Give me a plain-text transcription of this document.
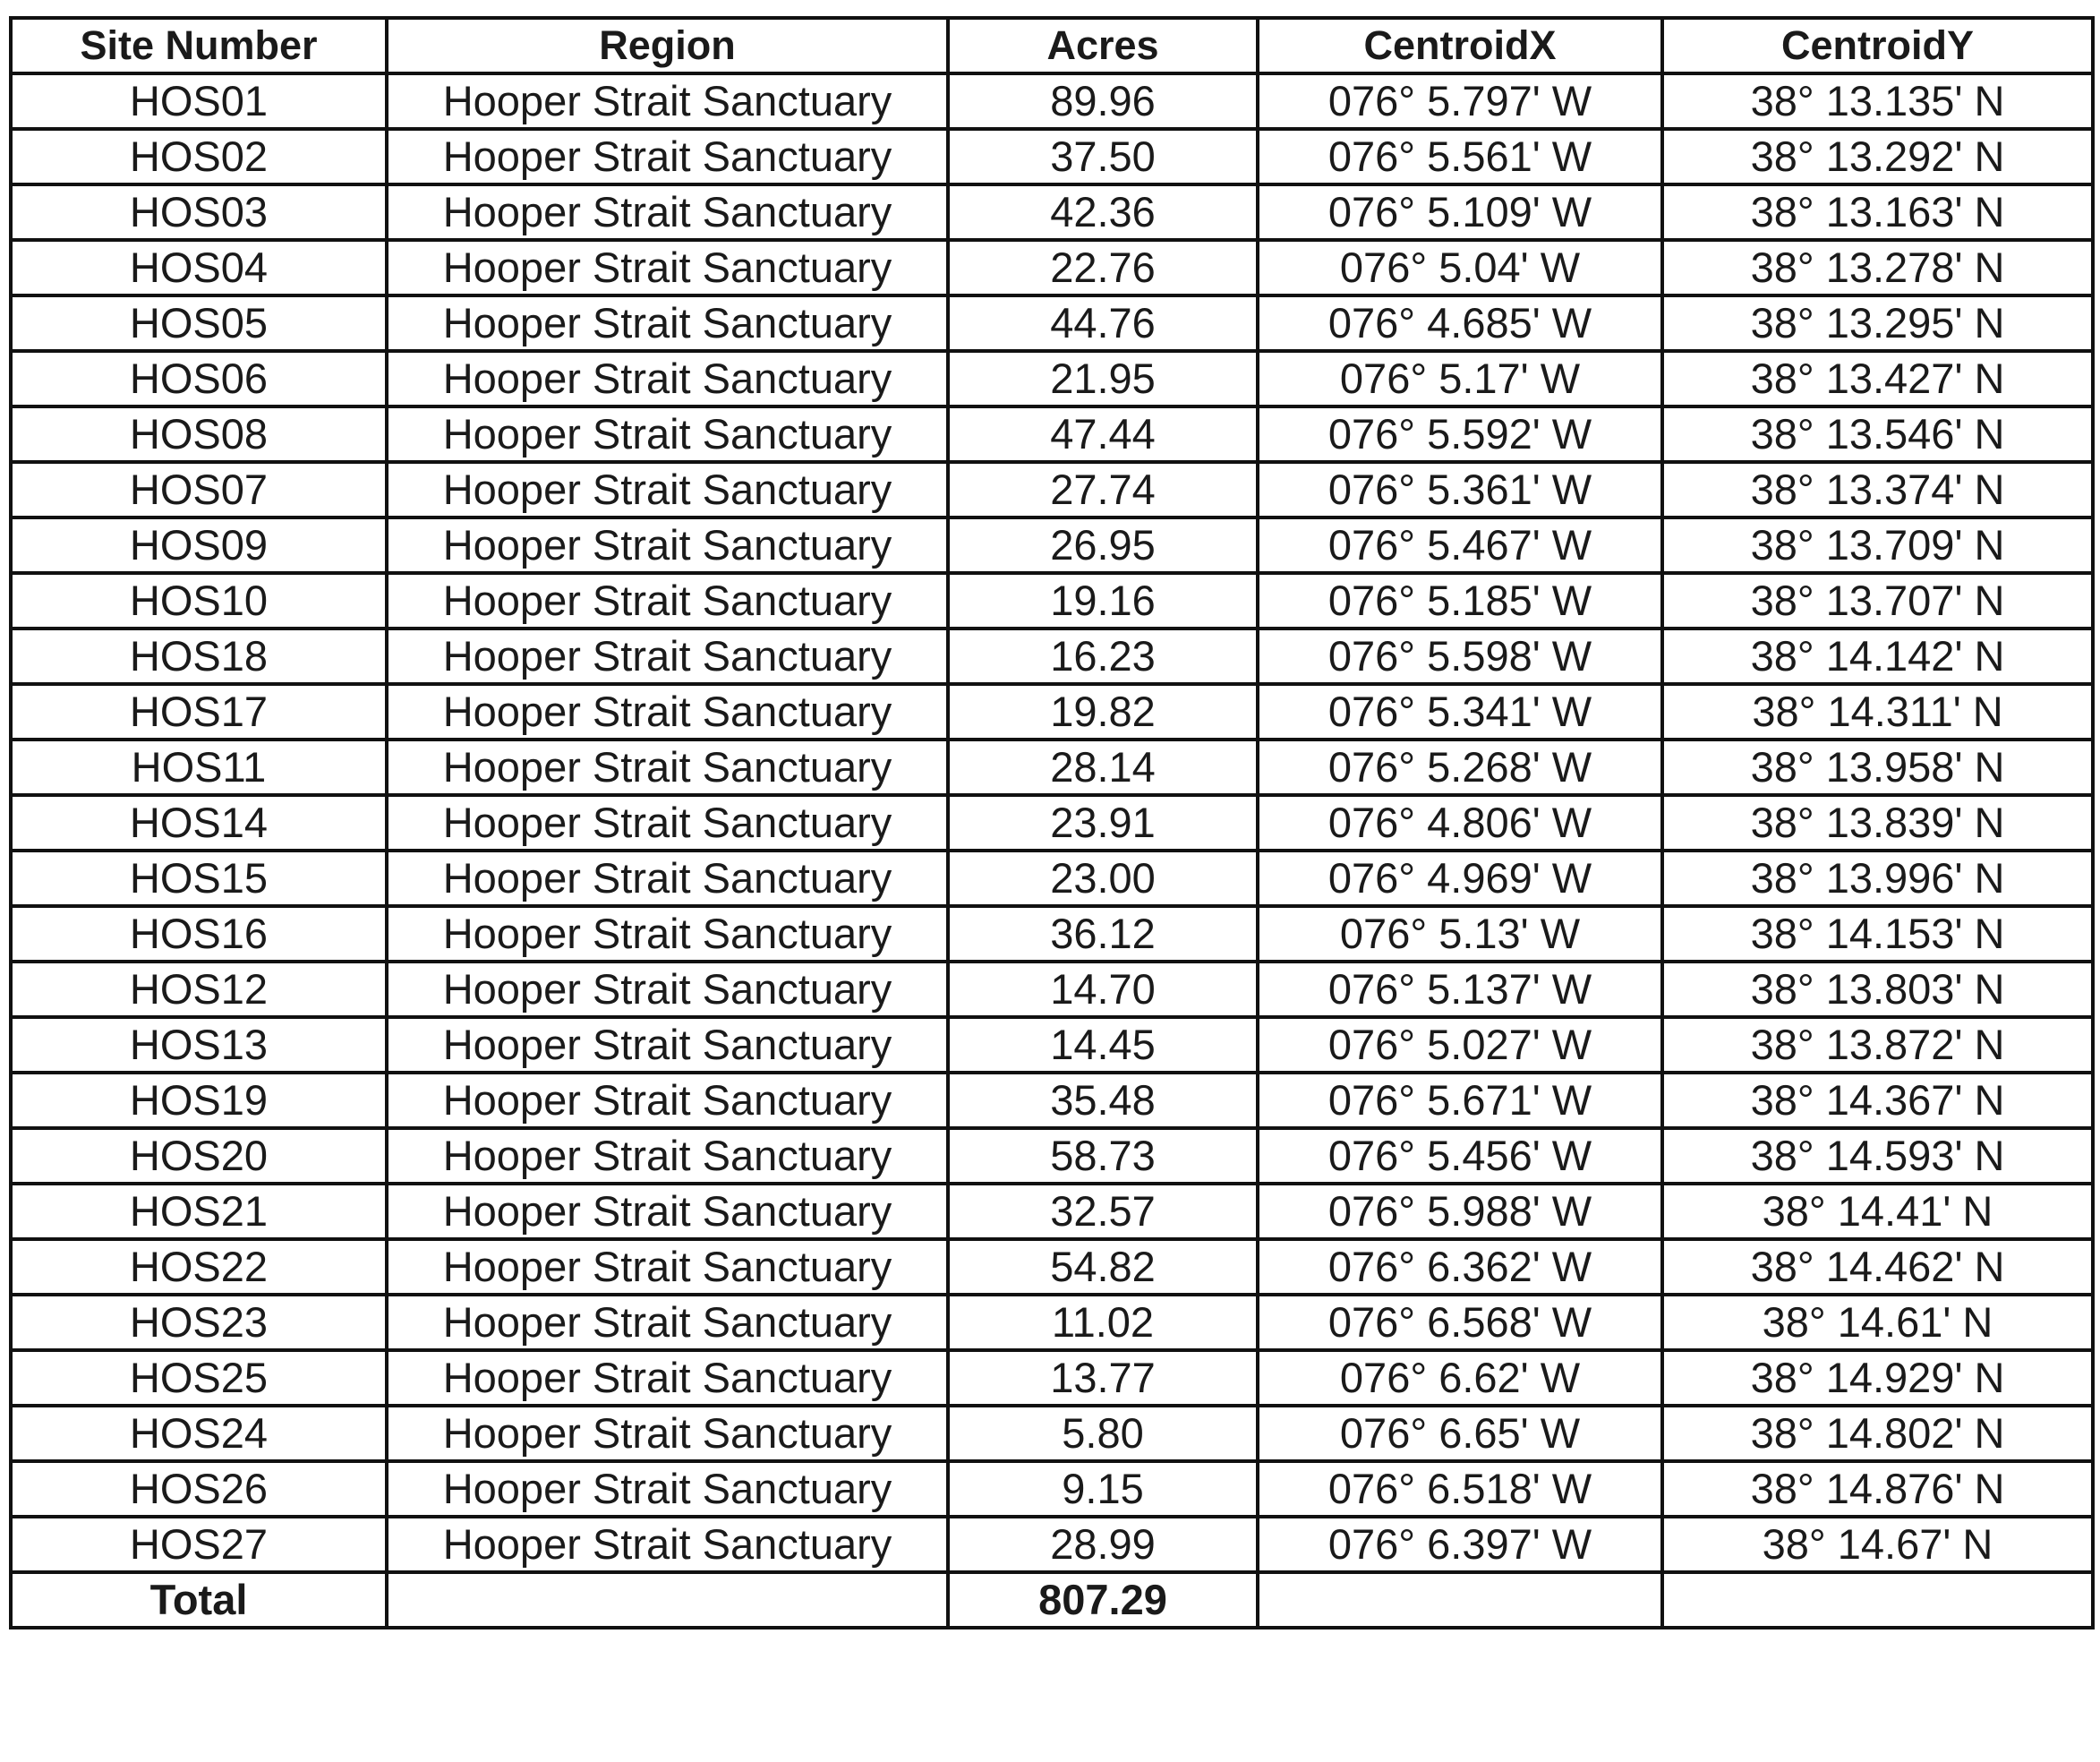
Site Number	Region	Acres	CentroidX	CentroidY
HOS01	Hooper Strait Sanctuary	89.96	076° 5.797' W	38° 13.135' N
HOS02	Hooper Strait Sanctuary	37.50	076° 5.561' W	38° 13.292' N
HOS03	Hooper Strait Sanctuary	42.36	076° 5.109' W	38° 13.163' N
HOS04	Hooper Strait Sanctuary	22.76	076° 5.04' W	38° 13.278' N
HOS05	Hooper Strait Sanctuary	44.76	076° 4.685' W	38° 13.295' N
HOS06	Hooper Strait Sanctuary	21.95	076° 5.17' W	38° 13.427' N
HOS08	Hooper Strait Sanctuary	47.44	076° 5.592' W	38° 13.546' N
HOS07	Hooper Strait Sanctuary	27.74	076° 5.361' W	38° 13.374' N
HOS09	Hooper Strait Sanctuary	26.95	076° 5.467' W	38° 13.709' N
HOS10	Hooper Strait Sanctuary	19.16	076° 5.185' W	38° 13.707' N
HOS18	Hooper Strait Sanctuary	16.23	076° 5.598' W	38° 14.142' N
HOS17	Hooper Strait Sanctuary	19.82	076° 5.341' W	38° 14.311' N
HOS11	Hooper Strait Sanctuary	28.14	076° 5.268' W	38° 13.958' N
HOS14	Hooper Strait Sanctuary	23.91	076° 4.806' W	38° 13.839' N
HOS15	Hooper Strait Sanctuary	23.00	076° 4.969' W	38° 13.996' N
HOS16	Hooper Strait Sanctuary	36.12	076° 5.13' W	38° 14.153' N
HOS12	Hooper Strait Sanctuary	14.70	076° 5.137' W	38° 13.803' N
HOS13	Hooper Strait Sanctuary	14.45	076° 5.027' W	38° 13.872' N
HOS19	Hooper Strait Sanctuary	35.48	076° 5.671' W	38° 14.367' N
HOS20	Hooper Strait Sanctuary	58.73	076° 5.456' W	38° 14.593' N
HOS21	Hooper Strait Sanctuary	32.57	076° 5.988' W	38° 14.41' N
HOS22	Hooper Strait Sanctuary	54.82	076° 6.362' W	38° 14.462' N
HOS23	Hooper Strait Sanctuary	11.02	076° 6.568' W	38° 14.61' N
HOS25	Hooper Strait Sanctuary	13.77	076° 6.62' W	38° 14.929' N
HOS24	Hooper Strait Sanctuary	5.80	076° 6.65' W	38° 14.802' N
HOS26	Hooper Strait Sanctuary	9.15	076° 6.518' W	38° 14.876' N
HOS27	Hooper Strait Sanctuary	28.99	076° 6.397' W	38° 14.67' N
Total		807.29		
